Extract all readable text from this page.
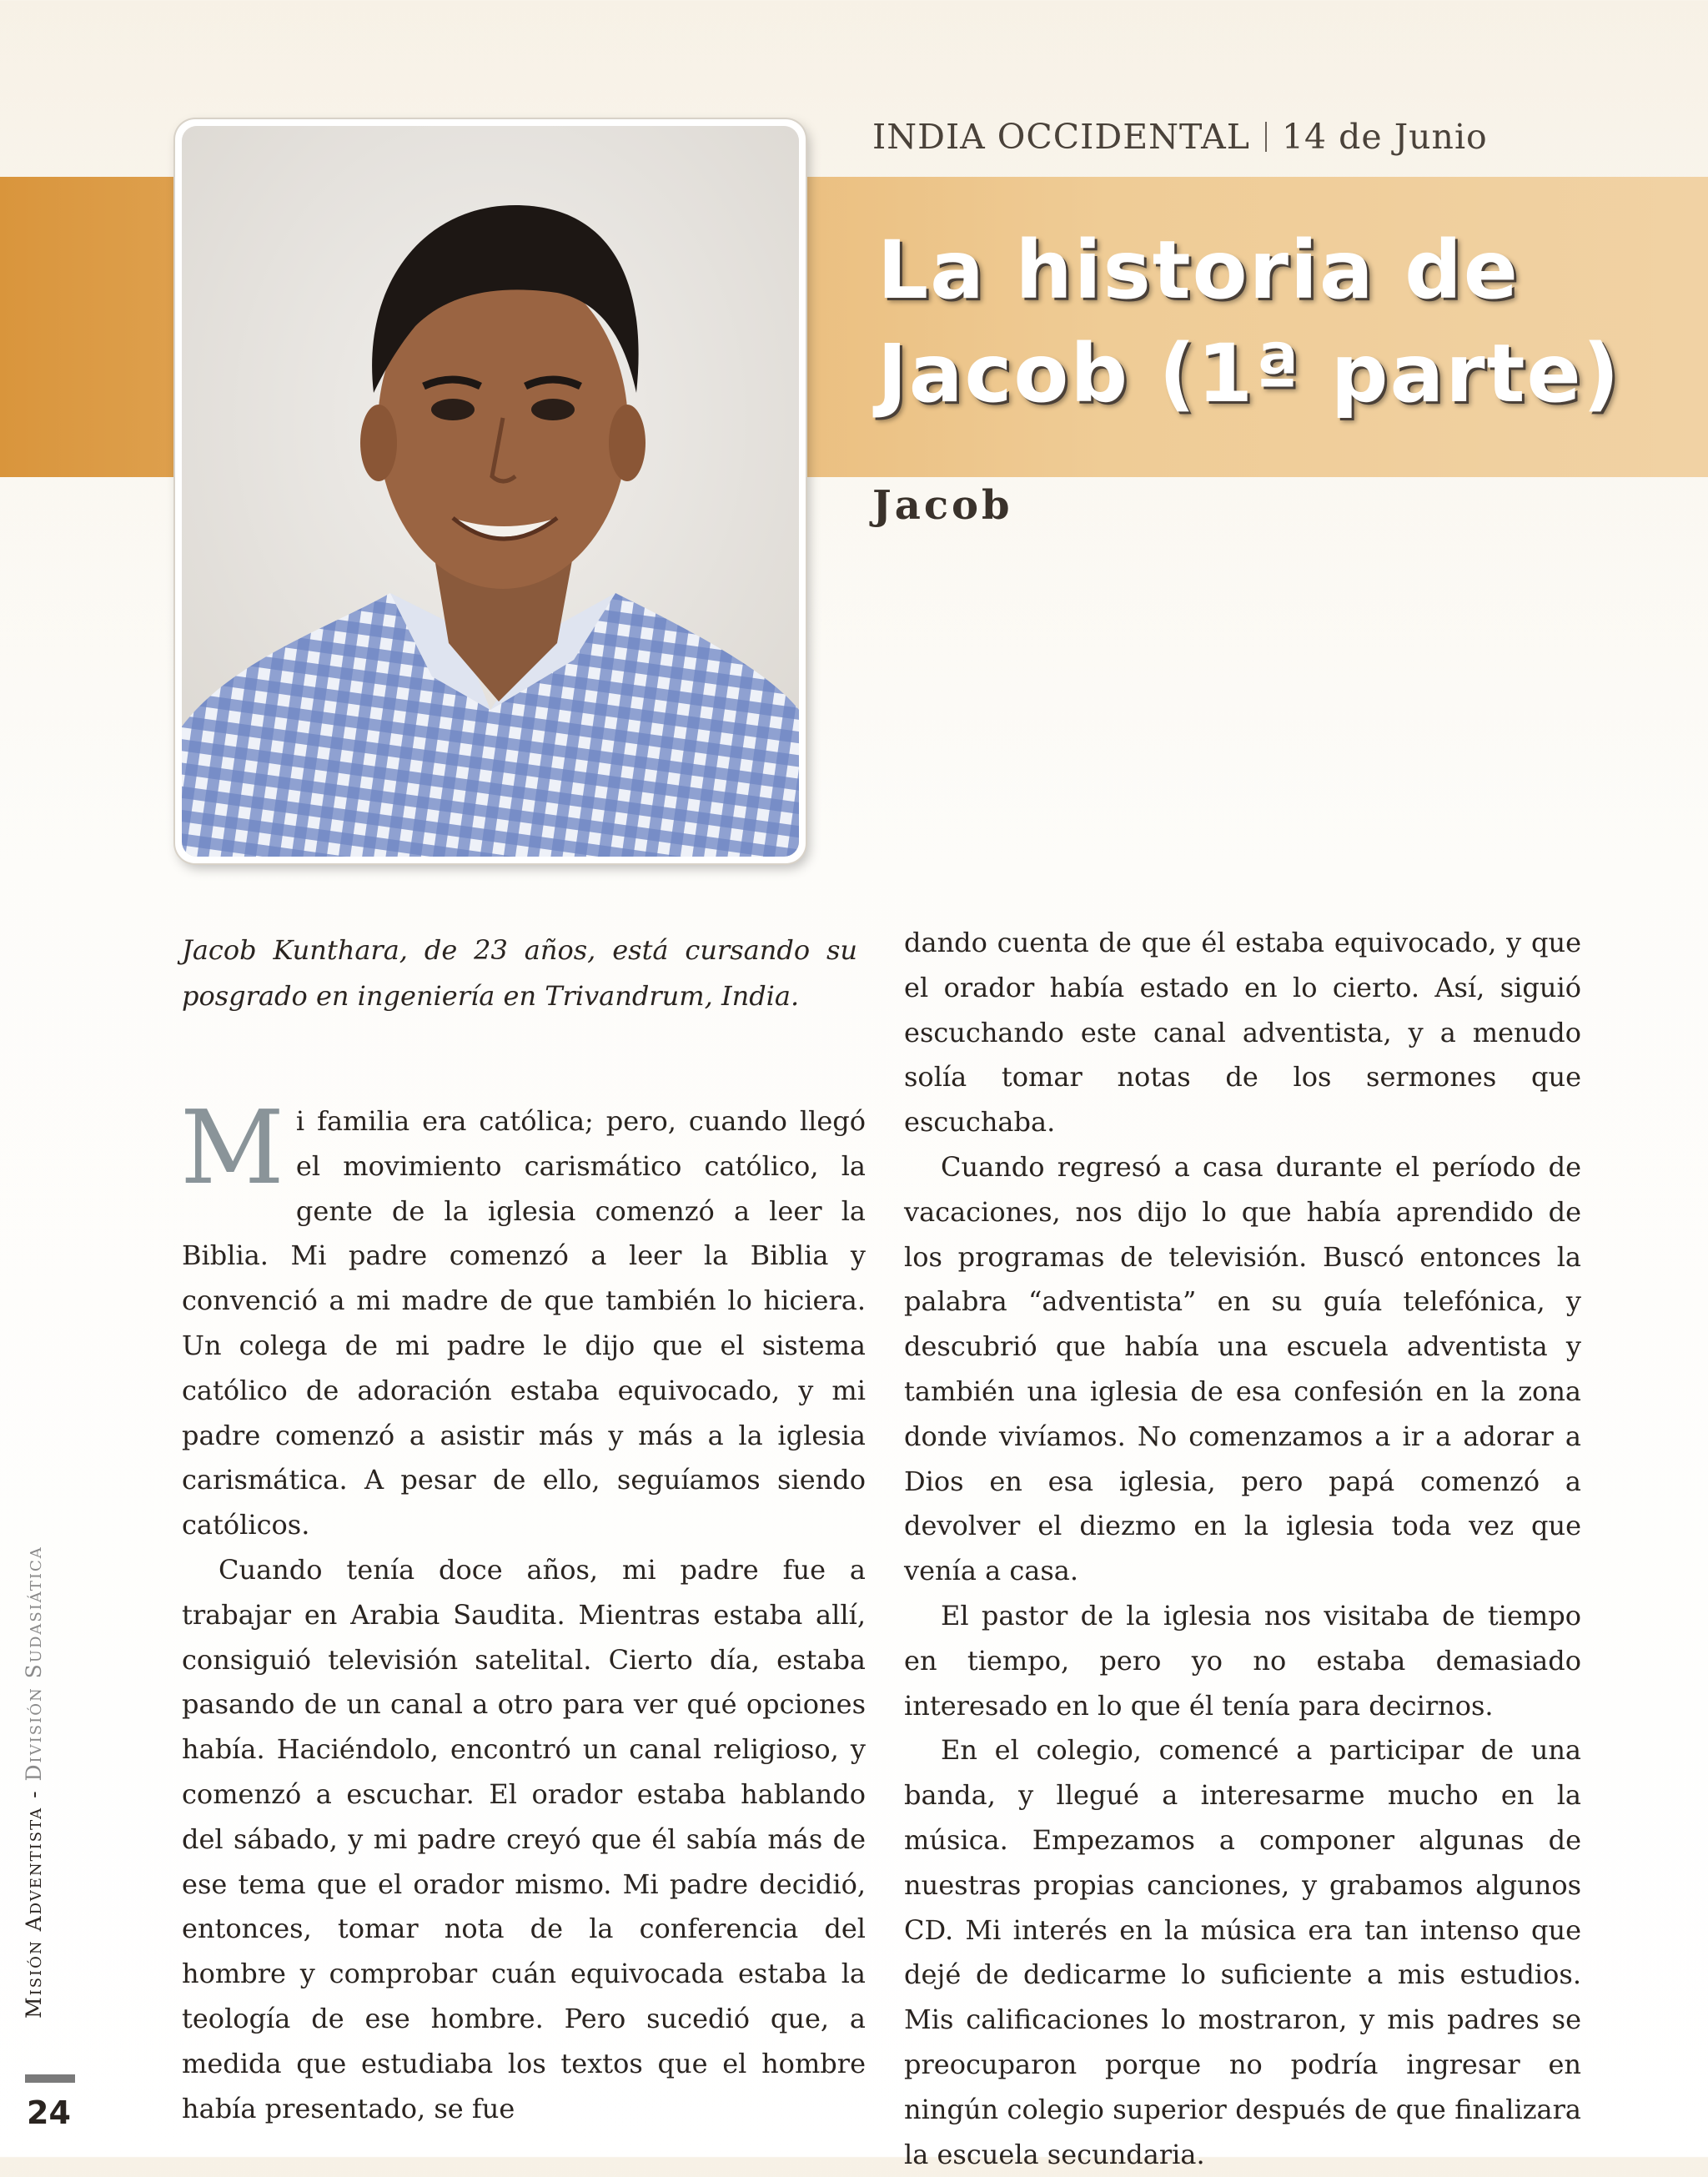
INDIA OCCIDENTAL 14 de Junio
La historia de
Jacob (1ª parte)
Jacob

Jacob Kunthara, de 23 años, está cursando su posgrado en ingeniería en Trivandrum, India.

Mi familia era católica; pero, cuando llegó el movimiento carismático católico, la gente de la iglesia comenzó a leer la Biblia. Mi padre comenzó a leer la Biblia y convenció a mi madre de que también lo hiciera. Un colega de mi padre le dijo que el sistema católico de adoración estaba equivocado, y mi padre comenzó a asistir más y más a la iglesia carismática. A pesar de ello, seguíamos siendo católicos.

Cuando tenía doce años, mi padre fue a trabajar en Arabia Saudita. Mientras estaba allí, consiguió televisión satelital. Cierto día, estaba pasando de un canal a otro para ver qué opciones había. Haciéndolo, encontró un canal religioso, y comenzó a escuchar. El orador estaba hablando del sábado, y mi padre creyó que él sabía más de ese tema que el orador mismo. Mi padre decidió, entonces, tomar nota de la conferencia del hombre y comprobar cuán equivocada estaba la teología de ese hombre. Pero sucedió que, a medida que estudiaba los textos que el hombre había presentado, se fue

dando cuenta de que él estaba equivocado, y que el orador había estado en lo cierto. Así, siguió escuchando este canal adventista, y a menudo solía tomar notas de los sermones que escuchaba.

Cuando regresó a casa durante el período de vacaciones, nos dijo lo que había aprendido de los programas de televisión. Buscó entonces la palabra “adventista” en su guía telefónica, y descubrió que había una escuela adventista y también una iglesia de esa confesión en la zona donde vivíamos. No comenzamos a ir a adorar a Dios en esa iglesia, pero papá comenzó a devolver el diezmo en la iglesia toda vez que venía a casa.

El pastor de la iglesia nos visitaba de tiempo en tiempo, pero yo no estaba demasiado interesado en lo que él tenía para decirnos.

En el colegio, comencé a participar de una banda, y llegué a interesarme mucho en la música. Empezamos a componer algunas de nuestras propias canciones, y grabamos algunos CD. Mi interés en la música era tan intenso que dejé de dedicarme lo suficiente a mis estudios. Mis calificaciones lo mostraron, y mis padres se preocuparon porque no podría ingresar en ningún colegio superior después de que finalizara la escuela secundaria.

Misión Adventista - División Sudasiática
24
